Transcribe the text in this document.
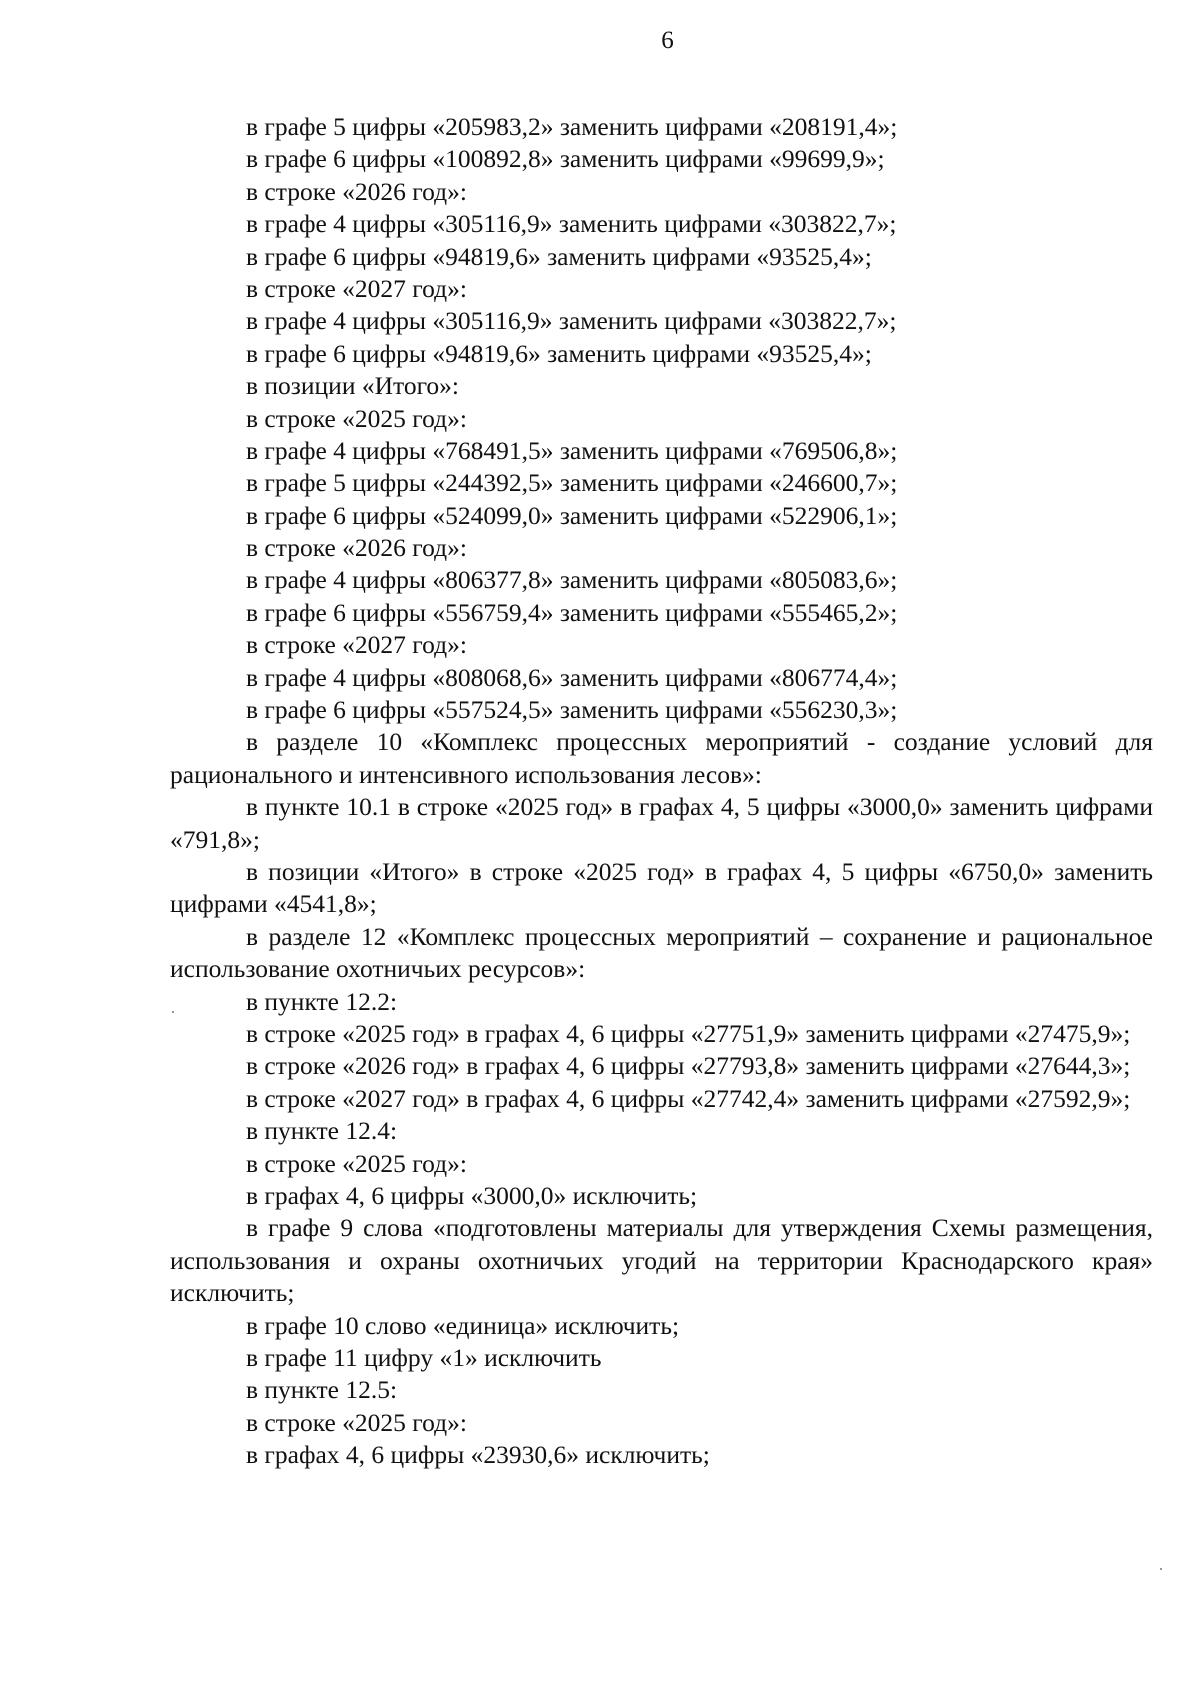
6
в графе 5 цифры «205983,2» заменить цифрами «208191,4»;
в графе 6 цифры «100892,8» заменить цифрами «99699,9»;
в строке «2026 год»:
в графе 4 цифры «305116,9» заменить цифрами «303822,7»;
в графе 6 цифры «94819,6» заменить цифрами «93525,4»;
в строке «2027 год»:
в графе 4 цифры «305116,9» заменить цифрами «303822,7»;
в графе 6 цифры «94819,6» заменить цифрами «93525,4»;
в позиции «Итого»:
в строке «2025 год»:
в графе 4 цифры «768491,5» заменить цифрами «769506,8»;
в графе 5 цифры «244392,5» заменить цифрами «246600,7»;
в графе 6 цифры «524099,0» заменить цифрами «522906,1»;
в строке «2026 год»:
в графе 4 цифры «806377,8» заменить цифрами «805083,6»;
в графе 6 цифры «556759,4» заменить цифрами «555465,2»;
в строке «2027 год»:
в графе 4 цифры «808068,6» заменить цифрами «806774,4»;
в графе 6 цифры «557524,5» заменить цифрами «556230,3»;

в разделе 10 «Комплекс процессных мероприятий - создание условий для рационального и интенсивного использования лесов»:

в пункте 10.1 в строке «2025 год» в графах 4, 5 цифры «3000,0» заменить цифрами «791,8»;

в позиции «Итого» в строке «2025 год» в графах 4, 5 цифры «6750,0» заменить цифрами «4541,8»;

в разделе 12 «Комплекс процессных мероприятий – сохранение и рациональное использование охотничьих ресурсов»:

в пункте 12.2:

в строке «2025 год» в графах 4, 6 цифры «27751,9» заменить цифрами «27475,9»;

в строке «2026 год» в графах 4, 6 цифры «27793,8» заменить цифрами «27644,3»;

в строке «2027 год» в графах 4, 6 цифры «27742,4» заменить цифрами «27592,9»;

в пункте 12.4:
в строке «2025 год»:
в графах 4, 6 цифры «3000,0» исключить;

в графе 9 слова «подготовлены материалы для утверждения Схемы размещения, использования и охраны охотничьих угодий на территории Краснодарского края» исключить;

в графе 10 слово «единица» исключить;
в графе 11 цифру «1» исключить
в пункте 12.5:
в строке «2025 год»:
в графах 4, 6 цифры «23930,6» исключить;
